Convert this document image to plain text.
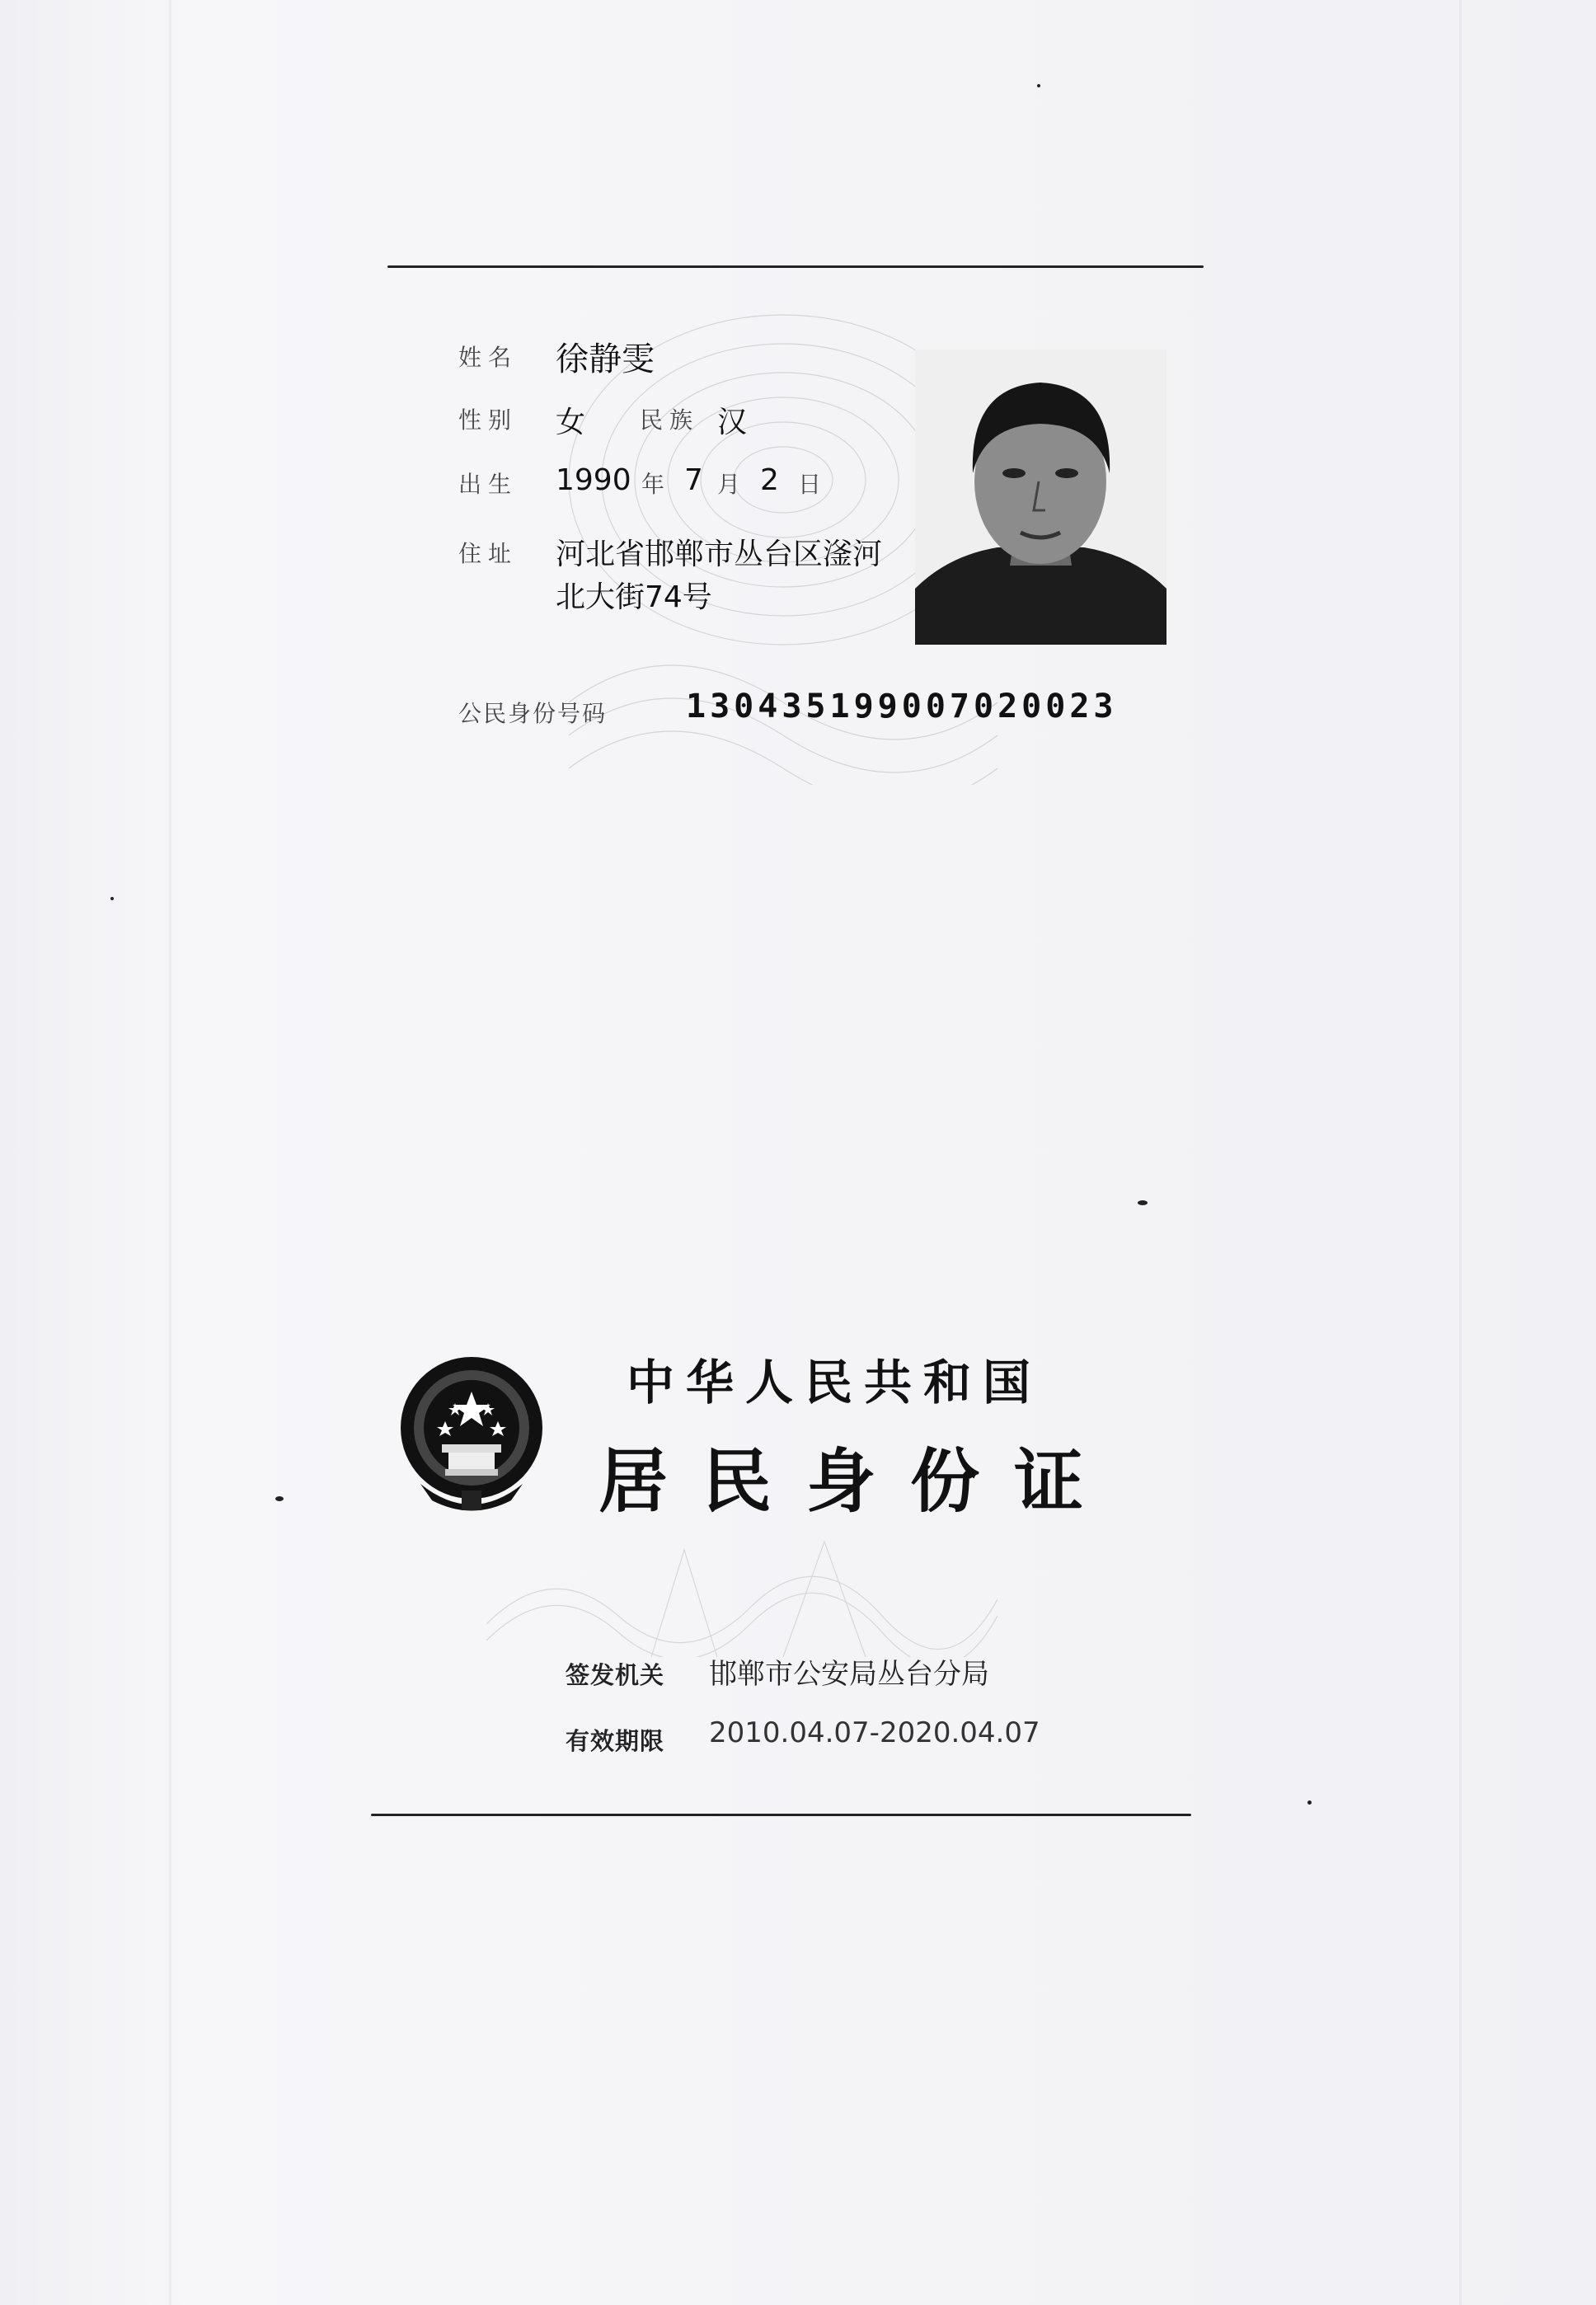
姓名 徐静雯
性别 女 民族 汉
出生 1990 年 7 月 2 日
住址 河北省邯郸市丛台区滏河
北大街74号
公民身份号码 130435199007020023
中华人民共和国
居民身份证
签发机关 邯郸市公安局丛台分局
有效期限 2010.04.07-2020.04.07
